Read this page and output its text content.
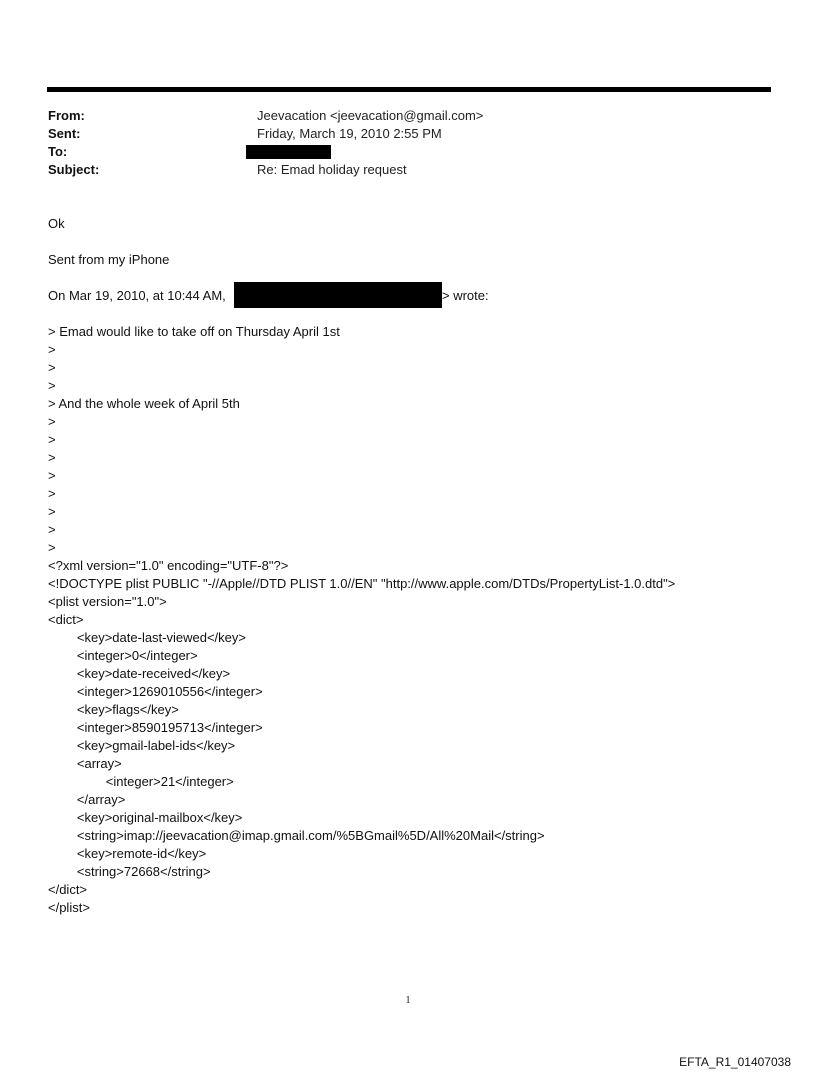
From:	Jeevacation <jeevacation@gmail.com>
Sent:	Friday, March 19, 2010 2:55 PM
To:
Subject:	Re: Emad holiday request
Ok
Sent from my iPhone
On Mar 19, 2010, at 10:44 AM,	> wrote:
> Emad would like to take off on Thursday April 1st
>
>
>
> And the whole week of April 5th
>
>
>
>
>
>
>
>
<?xml version="1.0" encoding="UTF-8"?>
<!DOCTYPE plist PUBLIC "-//Apple//DTD PLIST 1.0//EN" "http://www.apple.com/DTDs/PropertyList-1.0.dtd">
<plist version="1.0">
<dict>
<key>date-last-viewed</key>
<integer>0</integer>
<key>date-received</key>
<integer>1269010556</integer>
<key>flags</key>
<integer>8590195713</integer>
<key>gmail-label-ids</key>
<array>
<integer>21</integer>
</array>
<key>original-mailbox</key>
<string>imap://jeevacation@imap.gmail.com/%5BGmail%5D/All%20Mail</string>
<key>remote-id</key>
<string>72668</string>
</dict>
</plist>
1
EFTA_R1_01407038
